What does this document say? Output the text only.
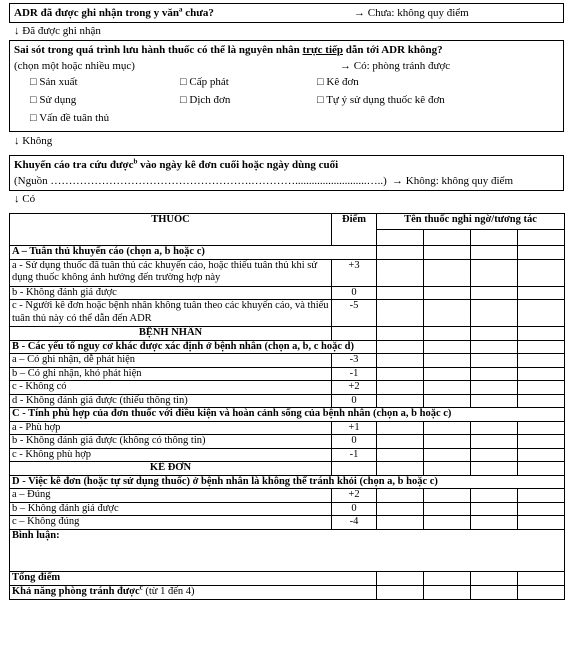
ADR đã được ghi nhận trong y văn$^a$ chưa?	→ Chưa: không quy điểm
↓ Đã được ghi nhận
Sai sót trong quá trình lưu hành thuốc có thể là nguyên nhân trực tiếp dẫn tới ADR không?
(chọn một hoặc nhiều mục)	→ Có: phòng tránh được
□ Sản xuất	□ Cấp phát	□ Kê đơn
□ Sử dụng	□ Dịch đơn	□ Tự ý sử dụng thuốc kê đơn
□ Vấn đề tuân thủ
↓ Không
Khuyến cáo tra cứu được$^b$ vào ngày kê đơn cuối hoặc ngày dùng cuối
(Nguồn ……………………………………………….…………..........................…..) → Không: không quy điểm
↓ Có
THUỐC	Điểm	Tên thuốc nghi ngờ/tương tác			

A – Tuân thủ khuyến cáo (chọn a, b hoặc c)					
a - Sử dụng thuốc đã tuân thủ các khuyến cáo, hoặc thiếu tuân thủ khi sử dụng thuốc không ảnh hưởng đến trường hợp này	+3				
b - Không đánh giá được	0				
c - Người kê đơn hoặc bệnh nhân không tuân theo các khuyến cáo, và thiếu tuân thủ này có thể dẫn đến ADR	-5				
BỆNH NHÂN					
B - Các yếu tố nguy cơ khác được xác định ở bệnh nhân (chọn a, b, c hoặc d)					
a – Có ghi nhận, dễ phát hiện	-3				
b – Có ghi nhận, khó phát hiện	-1				
c - Không có	+2				
d - Không đánh giá được (thiếu thông tin)	0				
C - Tính phù hợp của đơn thuốc với điều kiện và hoàn cảnh sống của bệnh nhân (chọn a, b hoặc c)					
a - Phù hợp	+1				
b - Không đánh giá được (không có thông tin)	0				
c - Không phù hợp	-1				
KÊ ĐƠN					
D - Việc kê đơn (hoặc tự sử dụng thuốc) ở bệnh nhân là không thể tránh khỏi (chọn a, b hoặc c)					
a – Đúng	+2				
b – Không đánh giá được	0				
c – Không đúng	-4				
Bình luận:					
Tổng điểm					
Khả năng phòng tránh được$^c$ (từ 1 đến 4)					
